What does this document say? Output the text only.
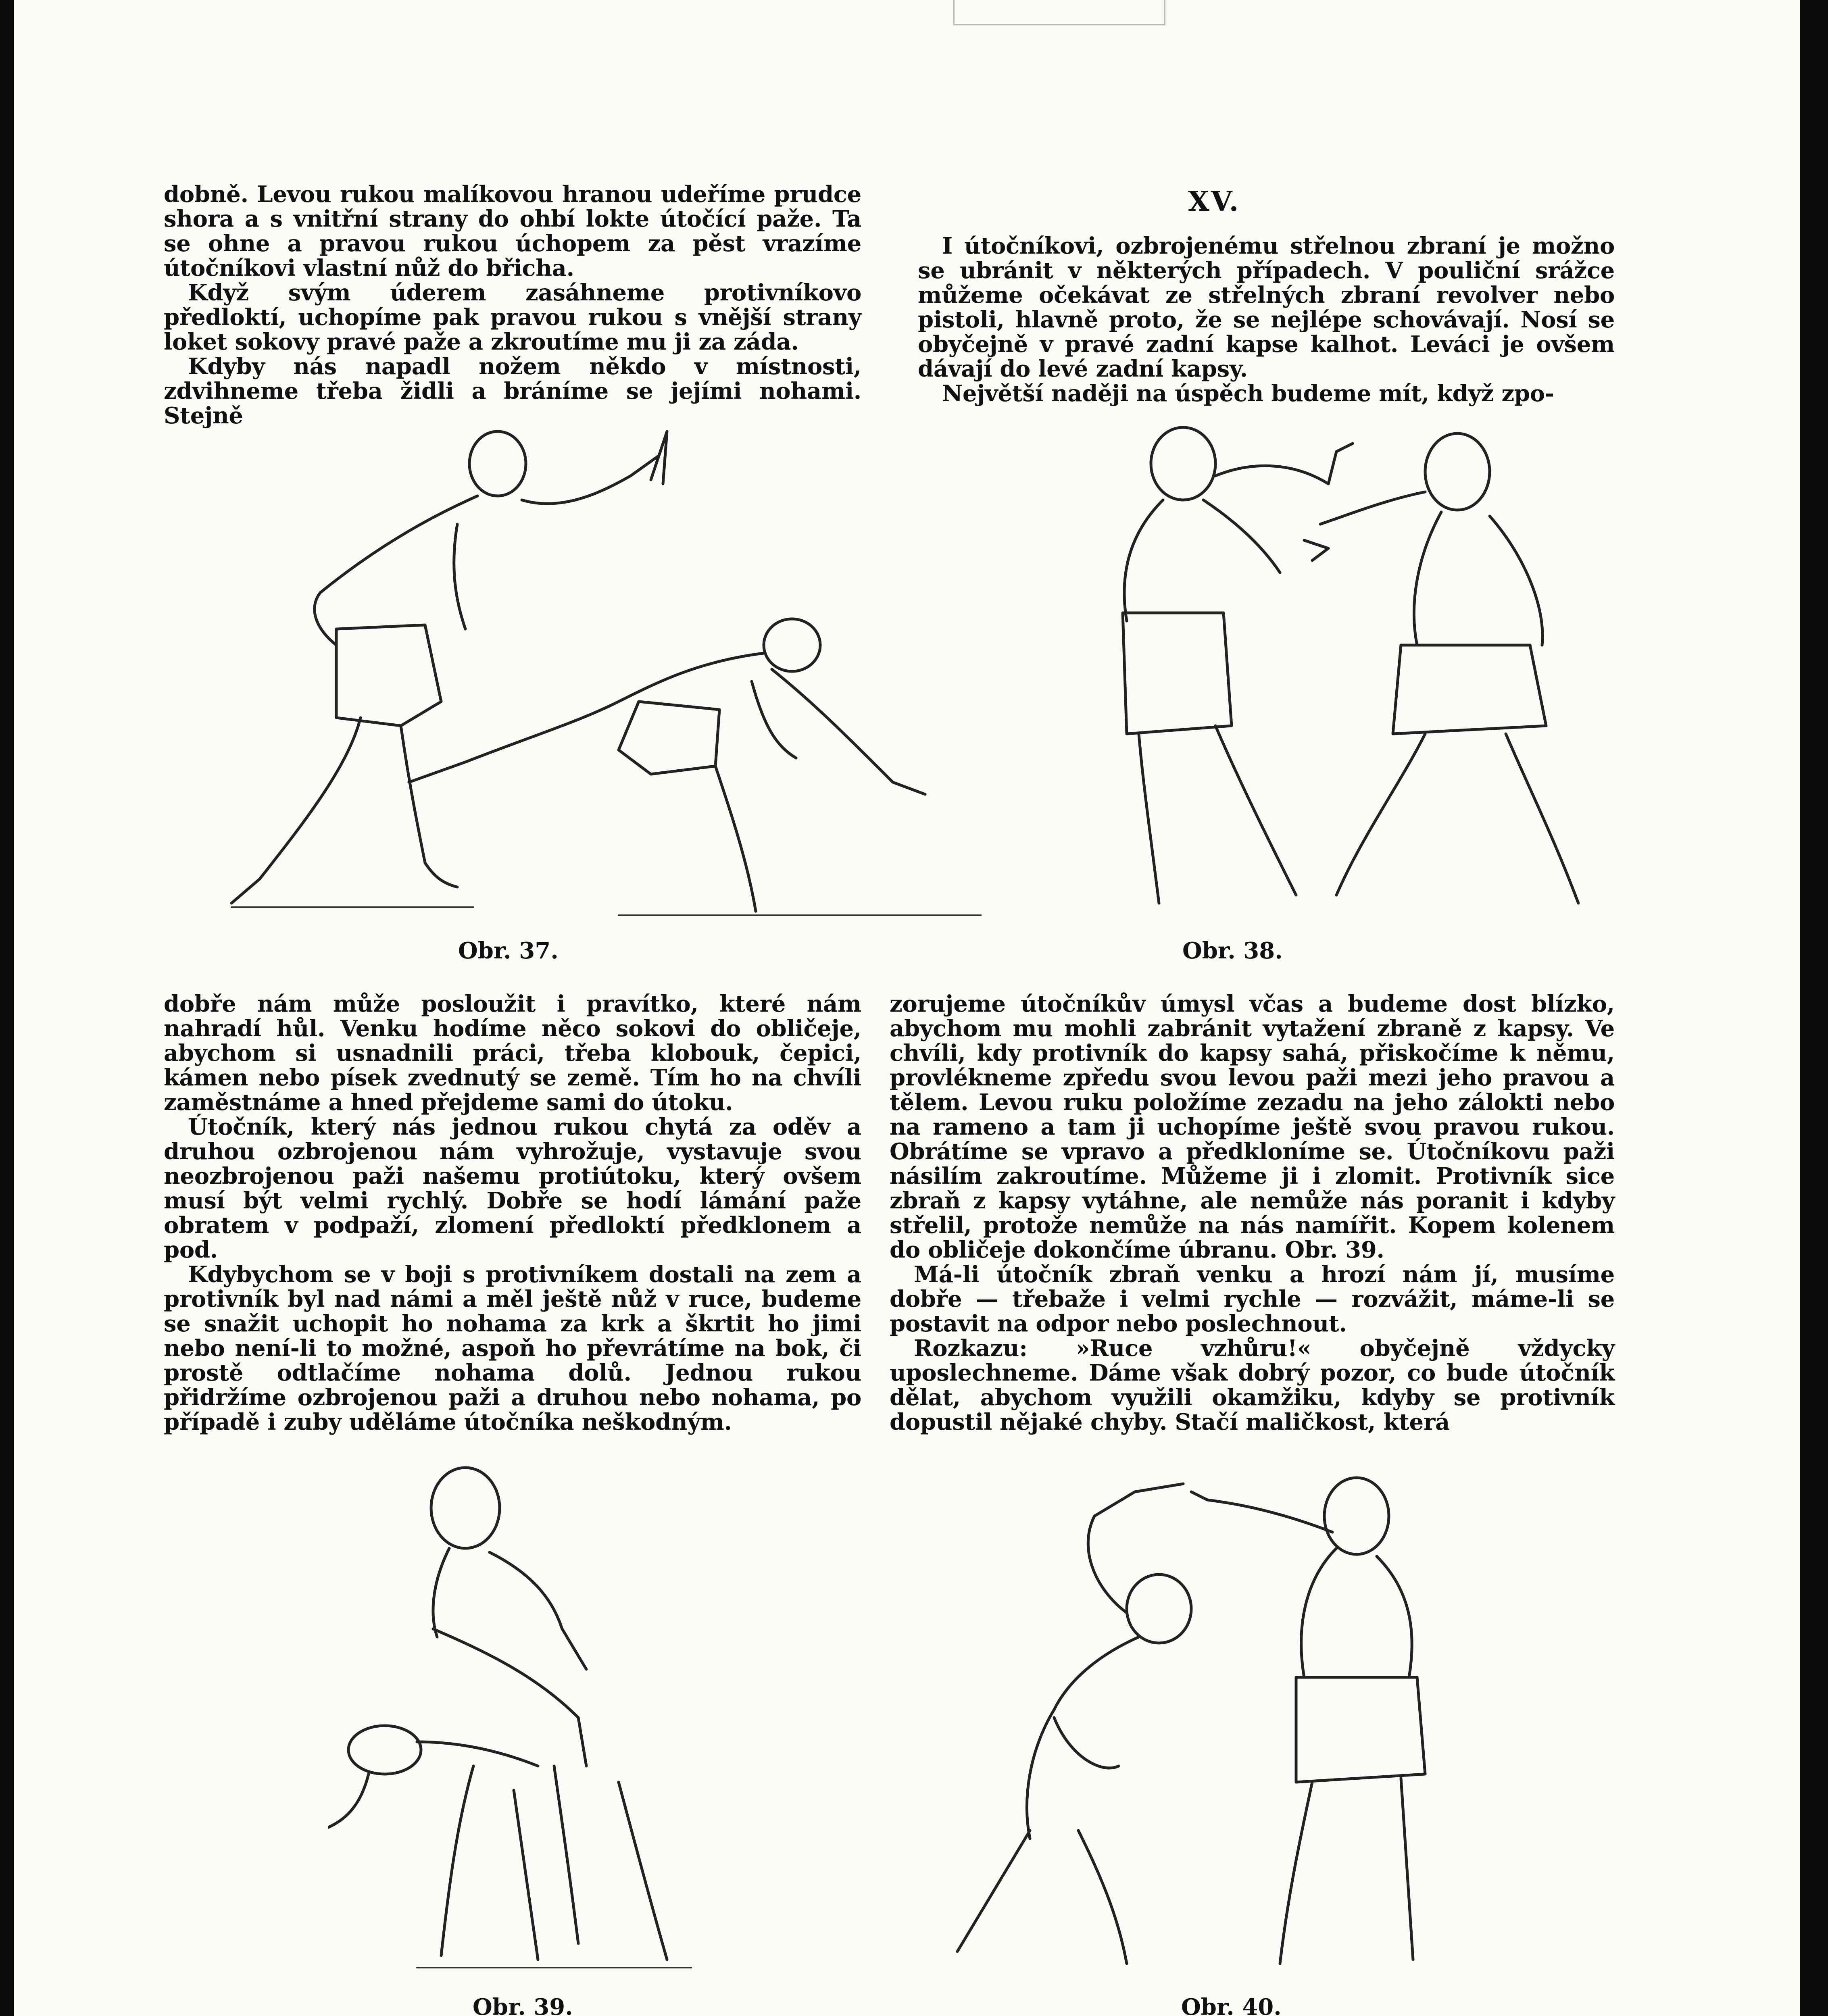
dobně. Levou rukou malíkovou hranou udeříme prudce shora a s vnitřní strany do ohbí lokte útočící paže. Ta se ohne a pravou rukou úchopem za pěst vrazíme útočníkovi vlastní nůž do břicha.

Když svým úderem zasáhneme protivníkovo předloktí, uchopíme pak pravou rukou s vnější strany loket sokovy pravé paže a zkroutíme mu ji za záda.

Kdyby nás napadl nožem někdo v místnosti, zdvihneme třeba židli a bráníme se jejími nohami. Stejně

XV.

I útočníkovi, ozbrojenému střelnou zbraní je možno se ubránit v některých případech. V pouliční srážce můžeme očekávat ze střelných zbraní revolver nebo pistoli, hlavně proto, že se nejlépe schovávají. Nosí se obyčejně v pravé zadní kapse kalhot. Leváci je ovšem dávají do levé zadní kapsy.

Největší naději na úspěch budeme mít, když zpo-

Obr. 37.	Obr. 38.

dobře nám může posloužit i pravítko, které nám nahradí hůl. Venku hodíme něco sokovi do obličeje, abychom si usnadnili práci, třeba klobouk, čepici, kámen nebo písek zvednutý se země. Tím ho na chvíli zaměstnáme a hned přejdeme sami do útoku.

Útočník, který nás jednou rukou chytá za oděv a druhou ozbrojenou nám vyhrožuje, vystavuje svou neozbrojenou paži našemu protiútoku, který ovšem musí být velmi rychlý. Dobře se hodí lámání paže obratem v podpaží, zlomení předloktí předklonem a pod.

Kdybychom se v boji s protivníkem dostali na zem a protivník byl nad námi a měl ještě nůž v ruce, budeme se snažit uchopit ho nohama za krk a škrtit ho jimi nebo není-li to možné, aspoň ho převrátíme na bok, či prostě odtlačíme nohama dolů. Jednou rukou přidržíme ozbrojenou paži a druhou nebo nohama, po případě i zuby uděláme útočníka neškodným.

zorujeme útočníkův úmysl včas a budeme dost blízko, abychom mu mohli zabránit vytažení zbraně z kapsy. Ve chvíli, kdy protivník do kapsy sahá, přiskočíme k němu, provlékneme zpředu svou levou paži mezi jeho pravou a tělem. Levou ruku položíme zezadu na jeho zálokti nebo na rameno a tam ji uchopíme ještě svou pravou rukou. Obrátíme se vpravo a předkloníme se. Útočníkovu paži násilím zakroutíme. Můžeme ji i zlomit. Protivník sice zbraň z kapsy vytáhne, ale nemůže nás poranit i kdyby střelil, protože nemůže na nás namířit. Kopem kolenem do obličeje dokončíme úbranu. Obr. 39.

Má-li útočník zbraň venku a hrozí nám jí, musíme dobře — třebaže i velmi rychle — rozvážit, máme-li se postavit na odpor nebo poslechnout.

Rozkazu: »Ruce vzhůru!« obyčejně vždycky uposlechneme. Dáme však dobrý pozor, co bude útočník dělat, abychom využili okamžiku, kdyby se protivník dopustil nějaké chyby. Stačí maličkost, která

Obr. 39.	Obr. 40.
